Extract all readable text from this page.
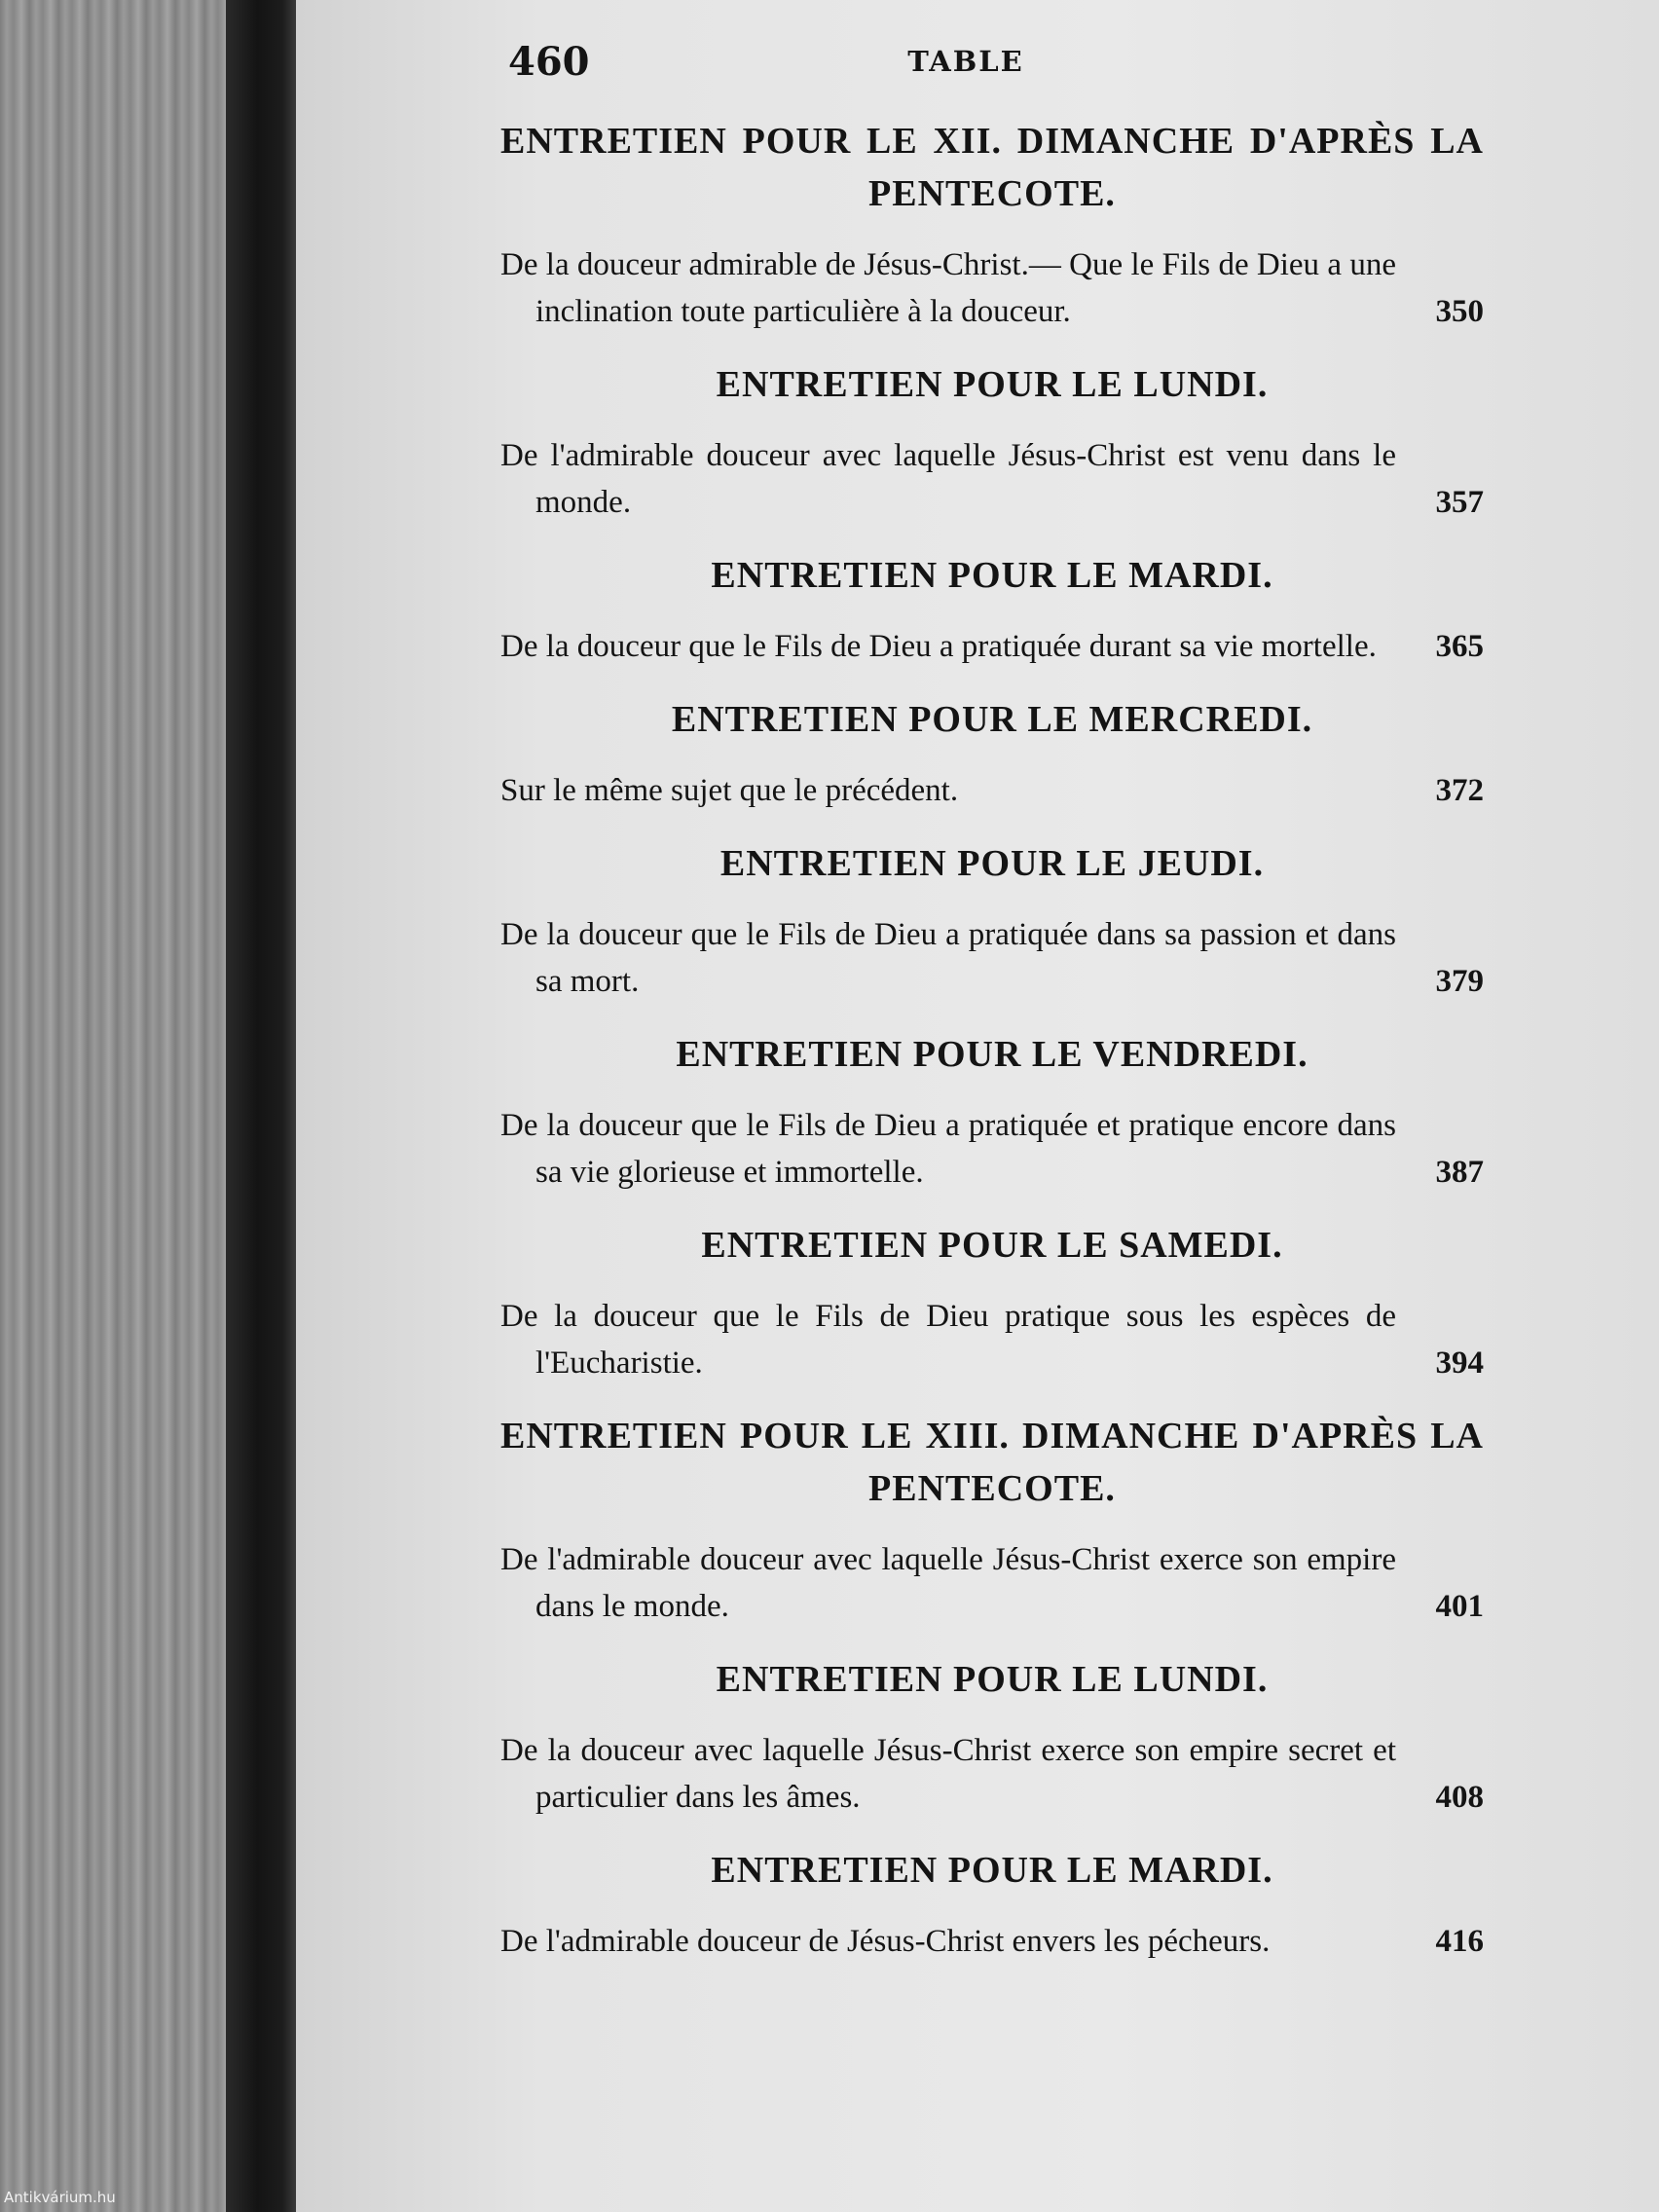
460	TABLE
ENTRETIEN POUR LE XII. DIMANCHE D'APRÈS LA PENTECOTE.
De la douceur admirable de Jésus-Christ.— Que le Fils de Dieu a une inclination toute particulière à la douceur.	350
ENTRETIEN POUR LE LUNDI.
De l'admirable douceur avec laquelle Jésus-Christ est venu dans le monde.	357
ENTRETIEN POUR LE MARDI.
De la douceur que le Fils de Dieu a pratiquée durant sa vie mortelle.	365
ENTRETIEN POUR LE MERCREDI.
Sur le même sujet que le précédent.	372
ENTRETIEN POUR LE JEUDI.
De la douceur que le Fils de Dieu a pratiquée dans sa passion et dans sa mort.	379
ENTRETIEN POUR LE VENDREDI.
De la douceur que le Fils de Dieu a pratiquée et pratique encore dans sa vie glorieuse et immortelle.	387
ENTRETIEN POUR LE SAMEDI.
De la douceur que le Fils de Dieu pratique sous les espèces de l'Eucharistie.	394
ENTRETIEN POUR LE XIII. DIMANCHE D'APRÈS LA PENTECOTE.
De l'admirable douceur avec laquelle Jésus-Christ exerce son empire dans le monde.	401
ENTRETIEN POUR LE LUNDI.
De la douceur avec laquelle Jésus-Christ exerce son empire secret et particulier dans les âmes.	408
ENTRETIEN POUR LE MARDI.
De l'admirable douceur de Jésus-Christ envers les pécheurs.	416
Antikvárium.hu
